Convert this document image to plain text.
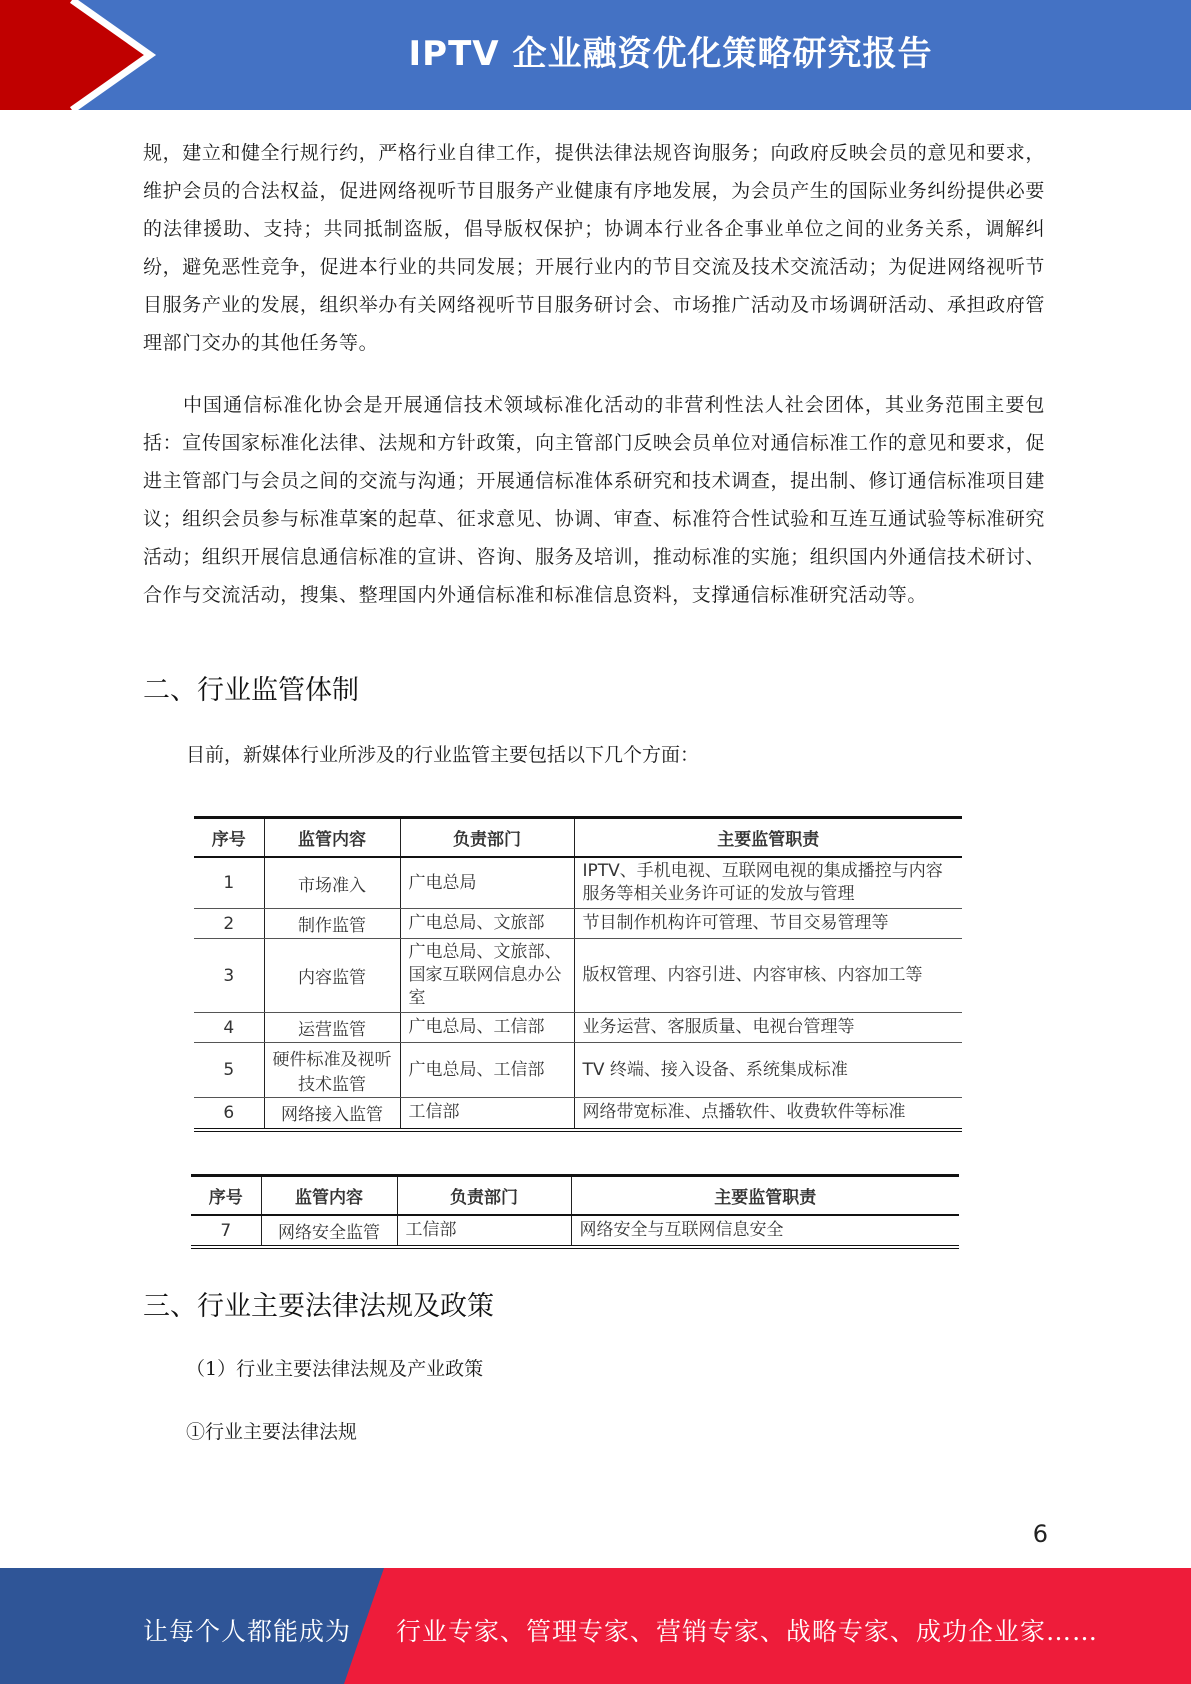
IPTV 企业融资优化策略研究报告

规，建立和健全行规行约，严格行业自律工作，提供法律法规咨询服务；向政府反映会员的意见和要求，维护会员的合法权益，促进网络视听节目服务产业健康有序地发展，为会员产生的国际业务纠纷提供必要的法律援助、支持；共同抵制盗版，倡导版权保护；协调本行业各企事业单位之间的业务关系，调解纠纷，避免恶性竞争，促进本行业的共同发展；开展行业内的节目交流及技术交流活动；为促进网络视听节目服务产业的发展，组织举办有关网络视听节目服务研讨会、市场推广活动及市场调研活动、承担政府管理部门交办的其他任务等。

中国通信标准化协会是开展通信技术领域标准化活动的非营利性法人社会团体，其业务范围主要包括：宣传国家标准化法律、法规和方针政策，向主管部门反映会员单位对通信标准工作的意见和要求，促进主管部门与会员之间的交流与沟通；开展通信标准体系研究和技术调查，提出制、修订通信标准项目建议；组织会员参与标准草案的起草、征求意见、协调、审查、标准符合性试验和互连互通试验等标准研究活动；组织开展信息通信标准的宣讲、咨询、服务及培训，推动标准的实施；组织国内外通信技术研讨、合作与交流活动，搜集、整理国内外通信标准和标准信息资料，支撑通信标准研究活动等。

二、行业监管体制
目前，新媒体行业所涉及的行业监管主要包括以下几个方面：
序号	监管内容	负责部门	主要监管职责
1	市场准入	广电总局	IPTV、手机电视、互联网电视的集成播控与内容服务等相关业务许可证的发放与管理
2	制作监管	广电总局、文旅部	节目制作机构许可管理、节目交易管理等
3	内容监管	广电总局、文旅部、国家互联网信息办公室	版权管理、内容引进、内容审核、内容加工等
4	运营监管	广电总局、工信部	业务运营、客服质量、电视台管理等
5	硬件标准及视听技术监管	广电总局、工信部	TV 终端、接入设备、系统集成标准
6	网络接入监管	工信部	网络带宽标准、点播软件、收费软件等标准
序号	监管内容	负责部门	主要监管职责
7	网络安全监管	工信部	网络安全与互联网信息安全
三、行业主要法律法规及政策
（1）行业主要法律法规及产业政策
①行业主要法律法规
6
让每个人都能成为 行业专家、管理专家、营销专家、战略专家、成功企业家……
